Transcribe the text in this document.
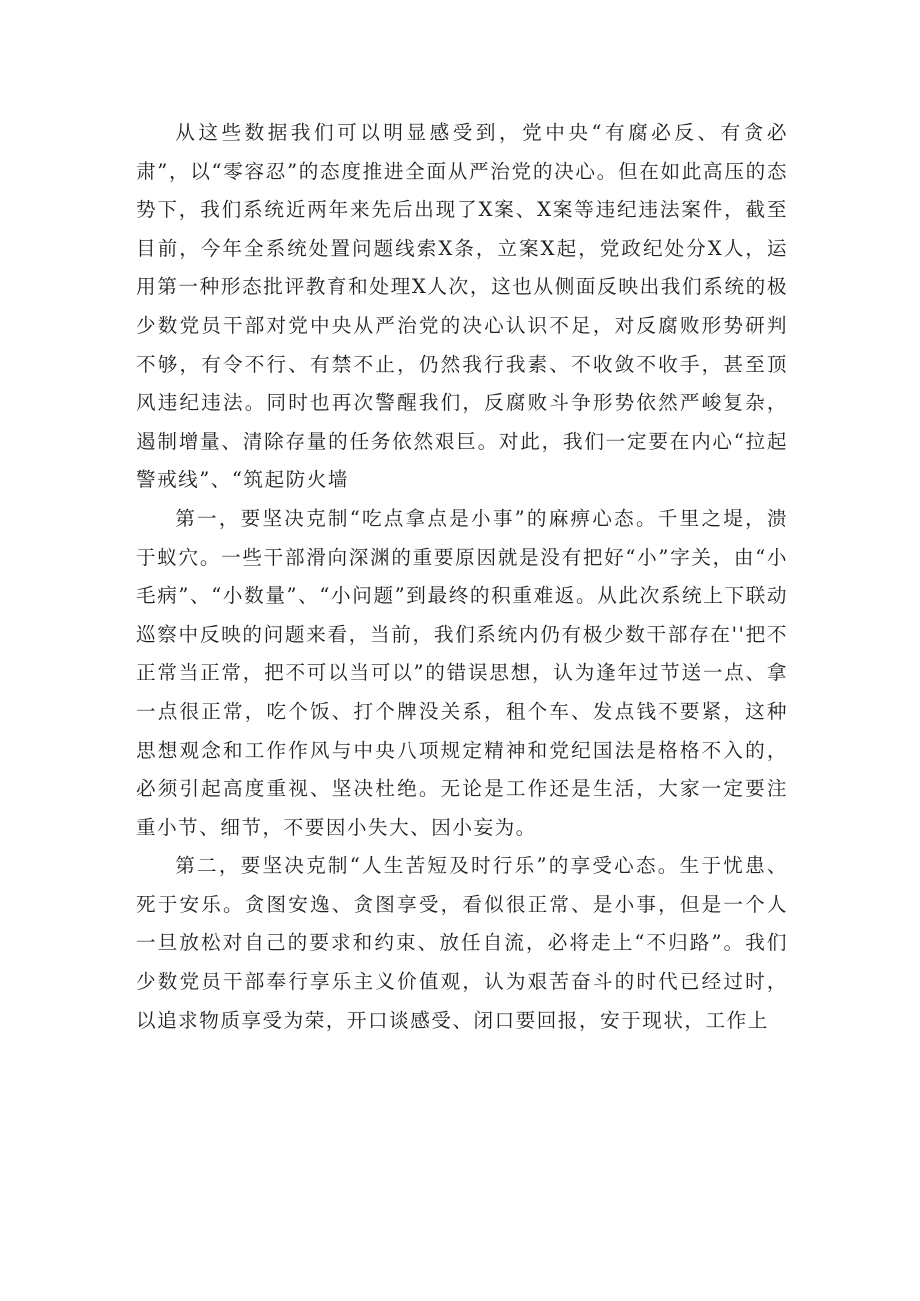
从这些数据我们可以明显感受到，党中央“有腐必反、有贪必肃”，以“零容忍”的态度推进全面从严治党的决心。但在如此高压的态势下，我们系统近两年来先后出现了X案、X案等违纪违法案件，截至目前，今年全系统处置问题线索X条，立案X起，党政纪处分X人，运用第一种形态批评教育和处理X人次，这也从侧面反映出我们系统的极少数党员干部对党中央从严治党的决心认识不足，对反腐败形势研判不够，有令不行、有禁不止，仍然我行我素、不收敛不收手，甚至顶风违纪违法。同时也再次警醒我们，反腐败斗争形势依然严峻复杂，遏制增量、清除存量的任务依然艰巨。对此，我们一定要在内心“拉起警戒线”、“筑起防火墙

第一，要坚决克制“吃点拿点是小事”的麻痹心态。千里之堤，溃于蚁穴。一些干部滑向深渊的重要原因就是没有把好“小”字关，由“小毛病”、“小数量”、“小问题”到最终的积重难返。从此次系统上下联动巡察中反映的问题来看，当前，我们系统内仍有极少数干部存在''把不正常当正常，把不可以当可以”的错误思想，认为逢年过节送一点、拿一点很正常，吃个饭、打个牌没关系，租个车、发点钱不要紧，这种思想观念和工作作风与中央八项规定精神和党纪国法是格格不入的，必须引起高度重视、坚决杜绝。无论是工作还是生活，大家一定要注重小节、细节，不要因小失大、因小妄为。

第二，要坚决克制“人生苦短及时行乐”的享受心态。生于忧患、死于安乐。贪图安逸、贪图享受，看似很正常、是小事，但是一个人一旦放松对自己的要求和约束、放任自流，必将走上“不归路”。我们少数党员干部奉行享乐主义价值观，认为艰苦奋斗的时代已经过时，以追求物质享受为荣，开口谈感受、闭口要回报，安于现状，工作上
